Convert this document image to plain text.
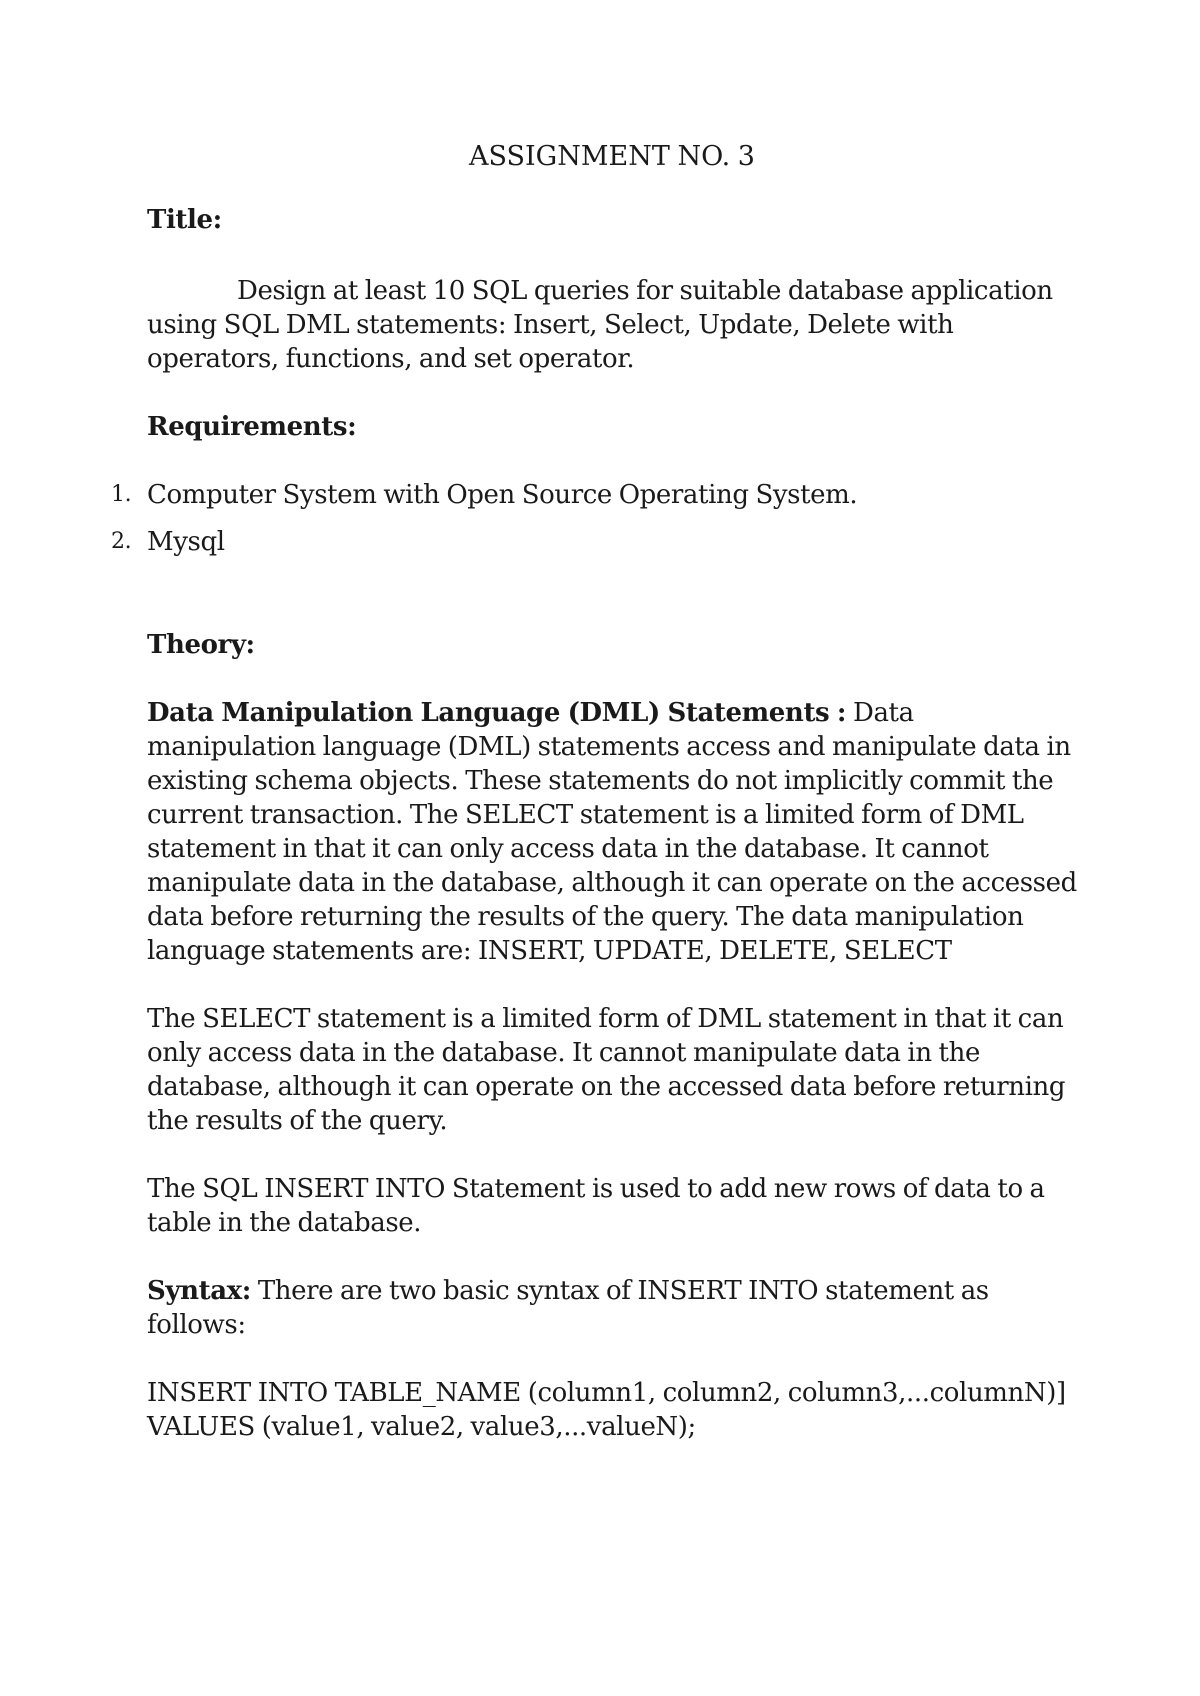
ASSIGNMENT NO. 3

Title:

Design at least 10 SQL queries for suitable database application using SQL DML statements: Insert, Select, Update, Delete with operators, functions, and set operator.

Requirements:

1. Computer System with Open Source Operating System.
2. Mysql

Theory:

Data Manipulation Language (DML) Statements : Data manipulation language (DML) statements access and manipulate data in existing schema objects. These statements do not implicitly commit the current transaction. The SELECT statement is a limited form of DML statement in that it can only access data in the database. It cannot manipulate data in the database, although it can operate on the accessed data before returning the results of the query. The data manipulation language statements are: INSERT, UPDATE, DELETE, SELECT

The SELECT statement is a limited form of DML statement in that it can only access data in the database. It cannot manipulate data in the database, although it can operate on the accessed data before returning the results of the query.

The SQL INSERT INTO Statement is used to add new rows of data to a table in the database.

Syntax: There are two basic syntax of INSERT INTO statement as follows:

INSERT INTO TABLE_NAME (column1, column2, column3,...columnN)] VALUES (value1, value2, value3,...valueN);
